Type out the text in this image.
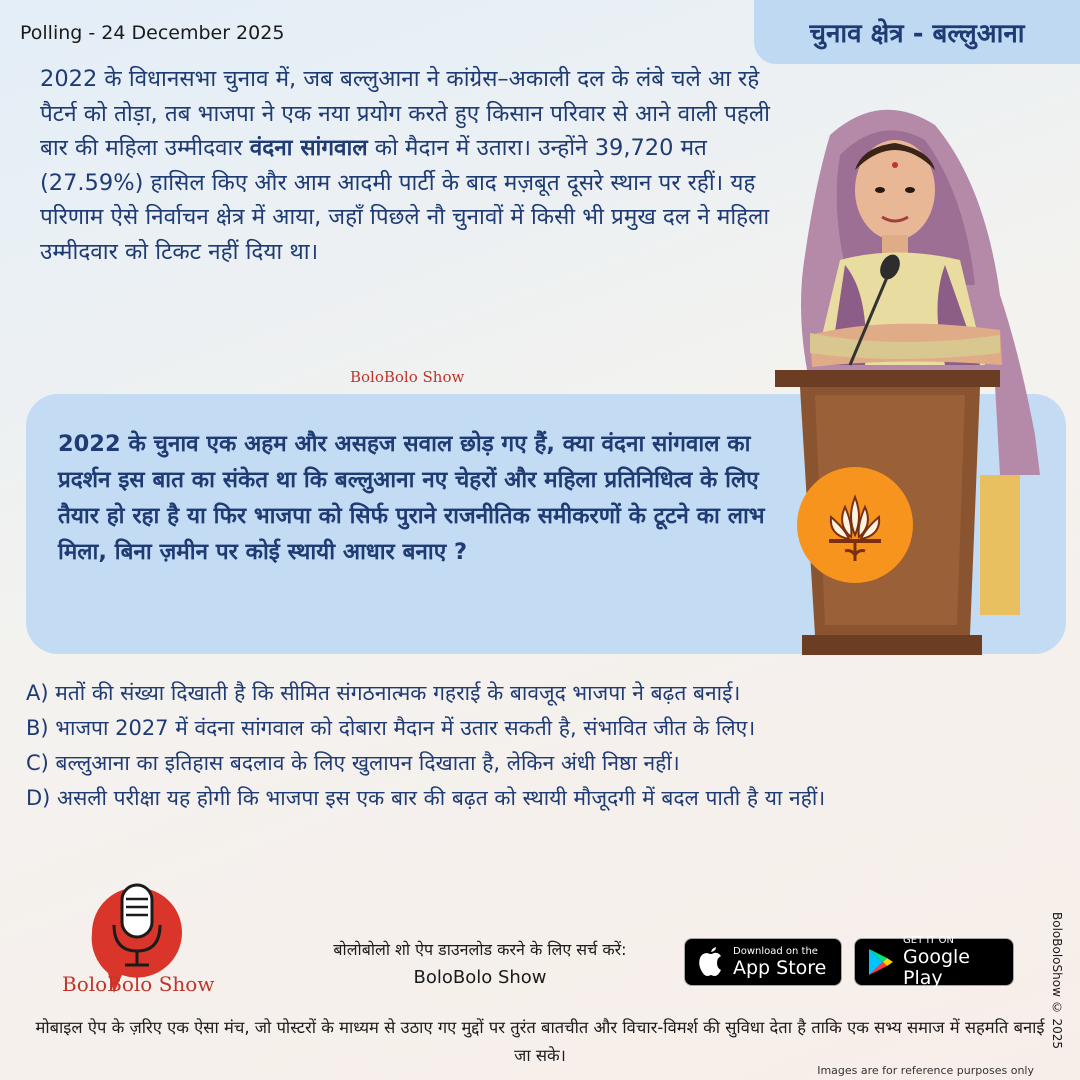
Polling - 24 December 2025	चुनाव क्षेत्र - बल्लुआना

2022 के विधानसभा चुनाव में, जब बल्लुआना ने कांग्रेस–अकाली दल के लंबे चले आ रहे पैटर्न को तोड़ा, तब भाजपा ने एक नया प्रयोग करते हुए किसान परिवार से आने वाली पहली बार की महिला उम्मीदवार वंदना सांगवाल को मैदान में उतारा। उन्होंने 39,720 मत (27.59%) हासिल किए और आम आदमी पार्टी के बाद मज़बूत दूसरे स्थान पर रहीं। यह परिणाम ऐसे निर्वाचन क्षेत्र में आया, जहाँ पिछले नौ चुनावों में किसी भी प्रमुख दल ने महिला उम्मीदवार को टिकट नहीं दिया था।

BoloBolo Show

2022 के चुनाव एक अहम और असहज सवाल छोड़ गए हैं, क्या वंदना सांगवाल का प्रदर्शन इस बात का संकेत था कि बल्लुआना नए चेहरों और महिला प्रतिनिधित्व के लिए तैयार हो रहा है या फिर भाजपा को सिर्फ पुराने राजनीतिक समीकरणों के टूटने का लाभ मिला, बिना ज़मीन पर कोई स्थायी आधार बनाए ?

A) मतों की संख्या दिखाती है कि सीमित संगठनात्मक गहराई के बावजूद भाजपा ने बढ़त बनाई।
B) भाजपा 2027 में वंदना सांगवाल को दोबारा मैदान में उतार सकती है, संभावित जीत के लिए।
C) बल्लुआना का इतिहास बदलाव के लिए खुलापन दिखाता है, लेकिन अंधी निष्ठा नहीं।
D) असली परीक्षा यह होगी कि भाजपा इस एक बार की बढ़त को स्थायी मौजूदगी में बदल पाती है या नहीं।
BoloBolo Show
बोलोबोलो शो ऐप डाउनलोड करने के लिए सर्च करें:
BoloBolo Show
Download on the
App Store
GET IT ON
Google Play

मोबाइल ऐप के ज़रिए एक ऐसा मंच, जो पोस्टरों के माध्यम से उठाए गए मुद्दों पर तुरंत बातचीत और विचार-विमर्श की सुविधा देता है ताकि एक सभ्य समाज में सहमति बनाई जा सके।

BoloBoloShow © 2025
Images are for reference purposes only
